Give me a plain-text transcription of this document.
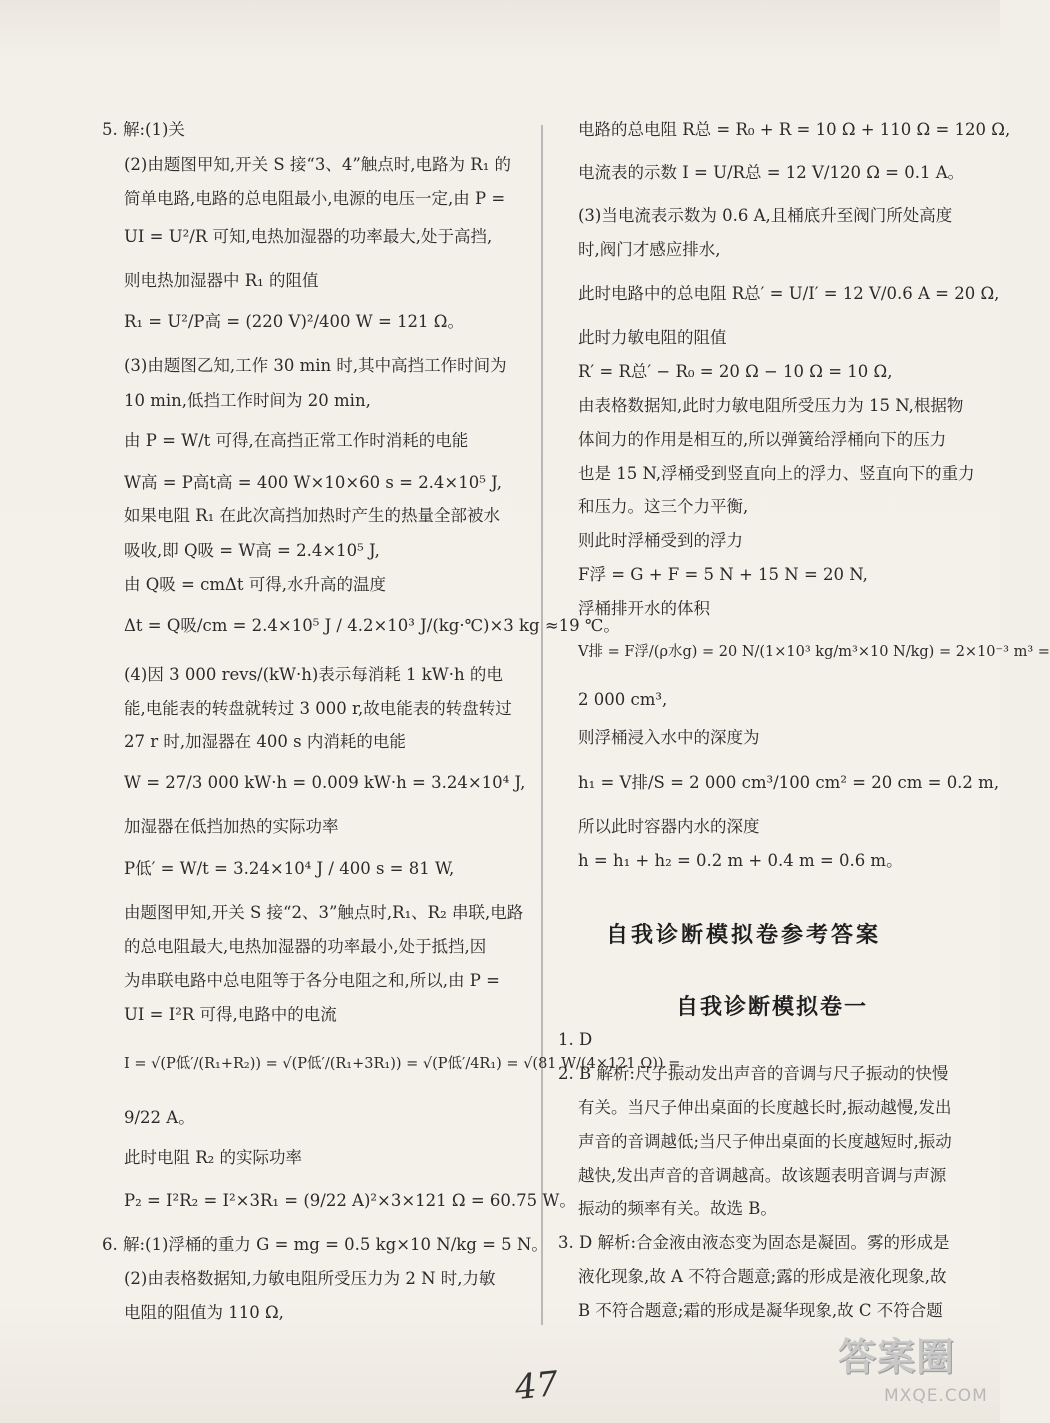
5. 解:(1)关
(2)由题图甲知,开关 S 接“3、4”触点时,电路为 R₁ 的
简单电路,电路的总电阻最小,电源的电压一定,由 P =
UI = U²/R 可知,电热加湿器的功率最大,处于高挡,
则电热加湿器中 R₁ 的阻值
R₁ = U²/P高 = (220 V)²/400 W = 121 Ω。
(3)由题图乙知,工作 30 min 时,其中高挡工作时间为
10 min,低挡工作时间为 20 min,
由 P = W/t 可得,在高挡正常工作时消耗的电能
W高 = P高t高 = 400 W×10×60 s = 2.4×10⁵ J,
如果电阻 R₁ 在此次高挡加热时产生的热量全部被水
吸收,即 Q吸 = W高 = 2.4×10⁵ J,
由 Q吸 = cmΔt 可得,水升高的温度
Δt = Q吸/cm = 2.4×10⁵ J / 4.2×10³ J/(kg·℃)×3 kg ≈19 ℃。
(4)因 3 000 revs/(kW·h)表示每消耗 1 kW·h 的电
能,电能表的转盘就转过 3 000 r,故电能表的转盘转过
27 r 时,加湿器在 400 s 内消耗的电能
W = 27/3 000 kW·h = 0.009 kW·h = 3.24×10⁴ J,
加湿器在低挡加热的实际功率
P低′ = W/t = 3.24×10⁴ J / 400 s = 81 W,
由题图甲知,开关 S 接“2、3”触点时,R₁、R₂ 串联,电路
的总电阻最大,电热加湿器的功率最小,处于抵挡,因
为串联电路中总电阻等于各分电阻之和,所以,由 P =
UI = I²R 可得,电路中的电流
I = √(P低′/(R₁+R₂)) = √(P低′/(R₁+3R₁)) = √(P低′/4R₁) = √(81 W/(4×121 Ω)) =
9/22 A。
此时电阻 R₂ 的实际功率
P₂ = I²R₂ = I²×3R₁ = (9/22 A)²×3×121 Ω = 60.75 W。
6. 解:(1)浮桶的重力 G = mg = 0.5 kg×10 N/kg = 5 N。
(2)由表格数据知,力敏电阻所受压力为 2 N 时,力敏
电阻的阻值为 110 Ω,
电路的总电阻 R总 = R₀ + R = 10 Ω + 110 Ω = 120 Ω,
电流表的示数 I = U/R总 = 12 V/120 Ω = 0.1 A。
(3)当电流表示数为 0.6 A,且桶底升至阀门所处高度
时,阀门才感应排水,
此时电路中的总电阻 R总′ = U/I′ = 12 V/0.6 A = 20 Ω,
此时力敏电阻的阻值
R′ = R总′ − R₀ = 20 Ω − 10 Ω = 10 Ω,
由表格数据知,此时力敏电阻所受压力为 15 N,根据物
体间力的作用是相互的,所以弹簧给浮桶向下的压力
也是 15 N,浮桶受到竖直向上的浮力、竖直向下的重力
和压力。这三个力平衡,
则此时浮桶受到的浮力
F浮 = G + F = 5 N + 15 N = 20 N,
浮桶排开水的体积
V排 = F浮/(ρ水g) = 20 N/(1×10³ kg/m³×10 N/kg) = 2×10⁻³ m³ =
2 000 cm³,
则浮桶浸入水中的深度为
h₁ = V排/S = 2 000 cm³/100 cm² = 20 cm = 0.2 m,
所以此时容器内水的深度
h = h₁ + h₂ = 0.2 m + 0.4 m = 0.6 m。
1. D
2. B 解析:尺子振动发出声音的音调与尺子振动的快慢
有关。当尺子伸出桌面的长度越长时,振动越慢,发出
声音的音调越低;当尺子伸出桌面的长度越短时,振动
越快,发出声音的音调越高。故该题表明音调与声源
振动的频率有关。故选 B。
3. D 解析:合金液由液态变为固态是凝固。雾的形成是
液化现象,故 A 不符合题意;露的形成是液化现象,故
B 不符合题意;霜的形成是凝华现象,故 C 不符合题
自我诊断模拟卷参考答案
自我诊断模拟卷一
47
答案圈
MXQE.COM
